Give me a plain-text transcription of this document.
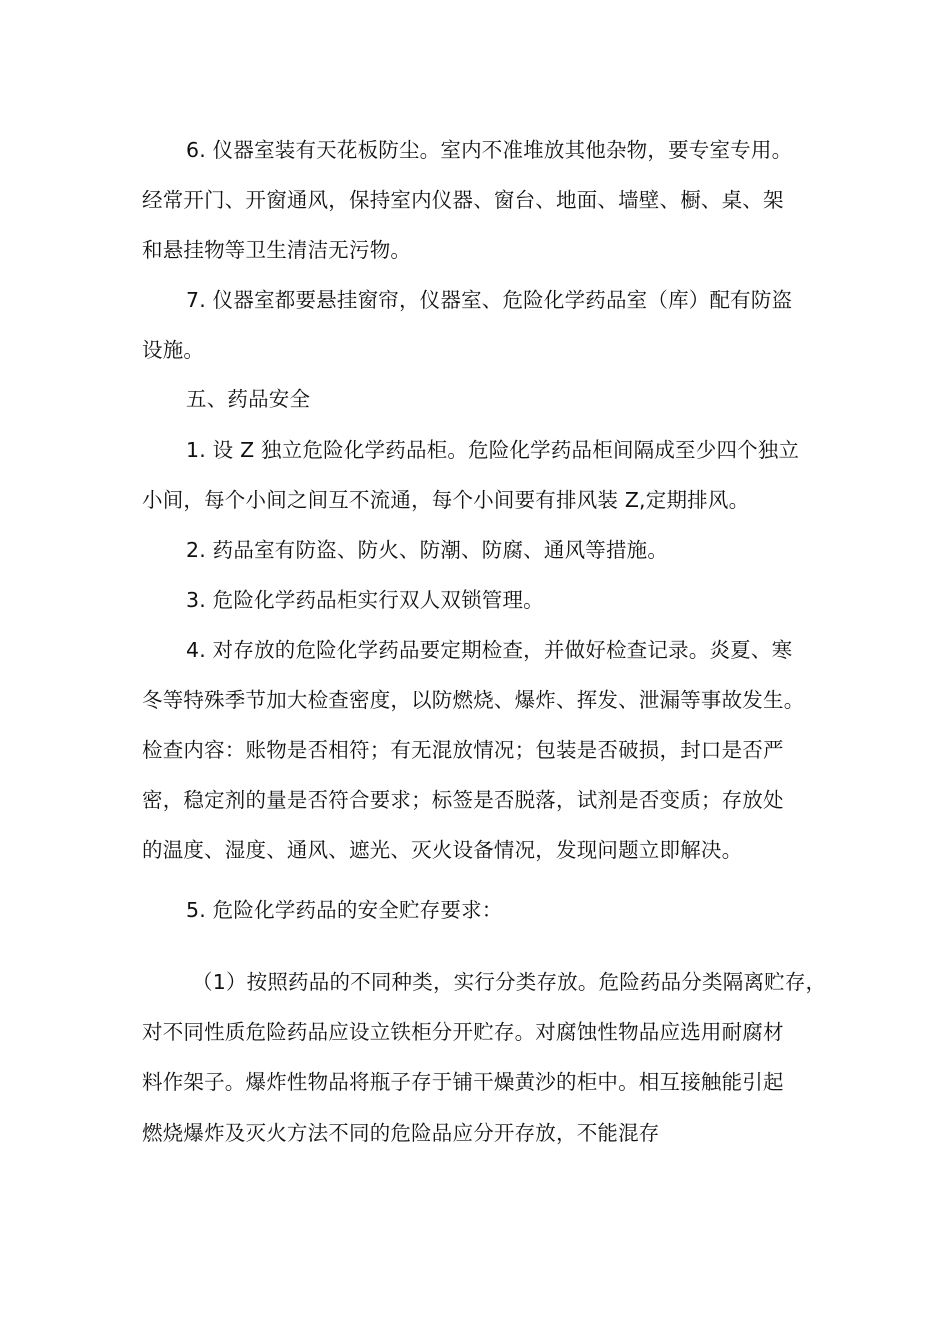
6. 仪器室装有天花板防尘。室内不准堆放其他杂物，要专室专用。
经常开门、开窗通风，保持室内仪器、窗台、地面、墙壁、橱、桌、架
和悬挂物等卫生清洁无污物。
7. 仪器室都要悬挂窗帘，仪器室、危险化学药品室（库）配有防盗
设施。
五、药品安全
1. 设 Z 独立危险化学药品柜。危险化学药品柜间隔成至少四个独立
小间，每个小间之间互不流通，每个小间要有排风装 Z,定期排风。
2. 药品室有防盗、防火、防潮、防腐、通风等措施。
3. 危险化学药品柜实行双人双锁管理。
4. 对存放的危险化学药品要定期检查，并做好检查记录。炎夏、寒
冬等特殊季节加大检查密度，以防燃烧、爆炸、挥发、泄漏等事故发生。
检查内容：账物是否相符；有无混放情况；包装是否破损，封口是否严
密，稳定剂的量是否符合要求；标签是否脱落，试剂是否变质；存放处
的温度、湿度、通风、遮光、灭火设备情况，发现问题立即解决。
5. 危险化学药品的安全贮存要求：
（1）按照药品的不同种类，实行分类存放。危险药品分类隔离贮存，
对不同性质危险药品应设立铁柜分开贮存。对腐蚀性物品应选用耐腐材
料作架子。爆炸性物品将瓶子存于铺干燥黄沙的柜中。相互接触能引起
燃烧爆炸及灭火方法不同的危险品应分开存放，不能混存
